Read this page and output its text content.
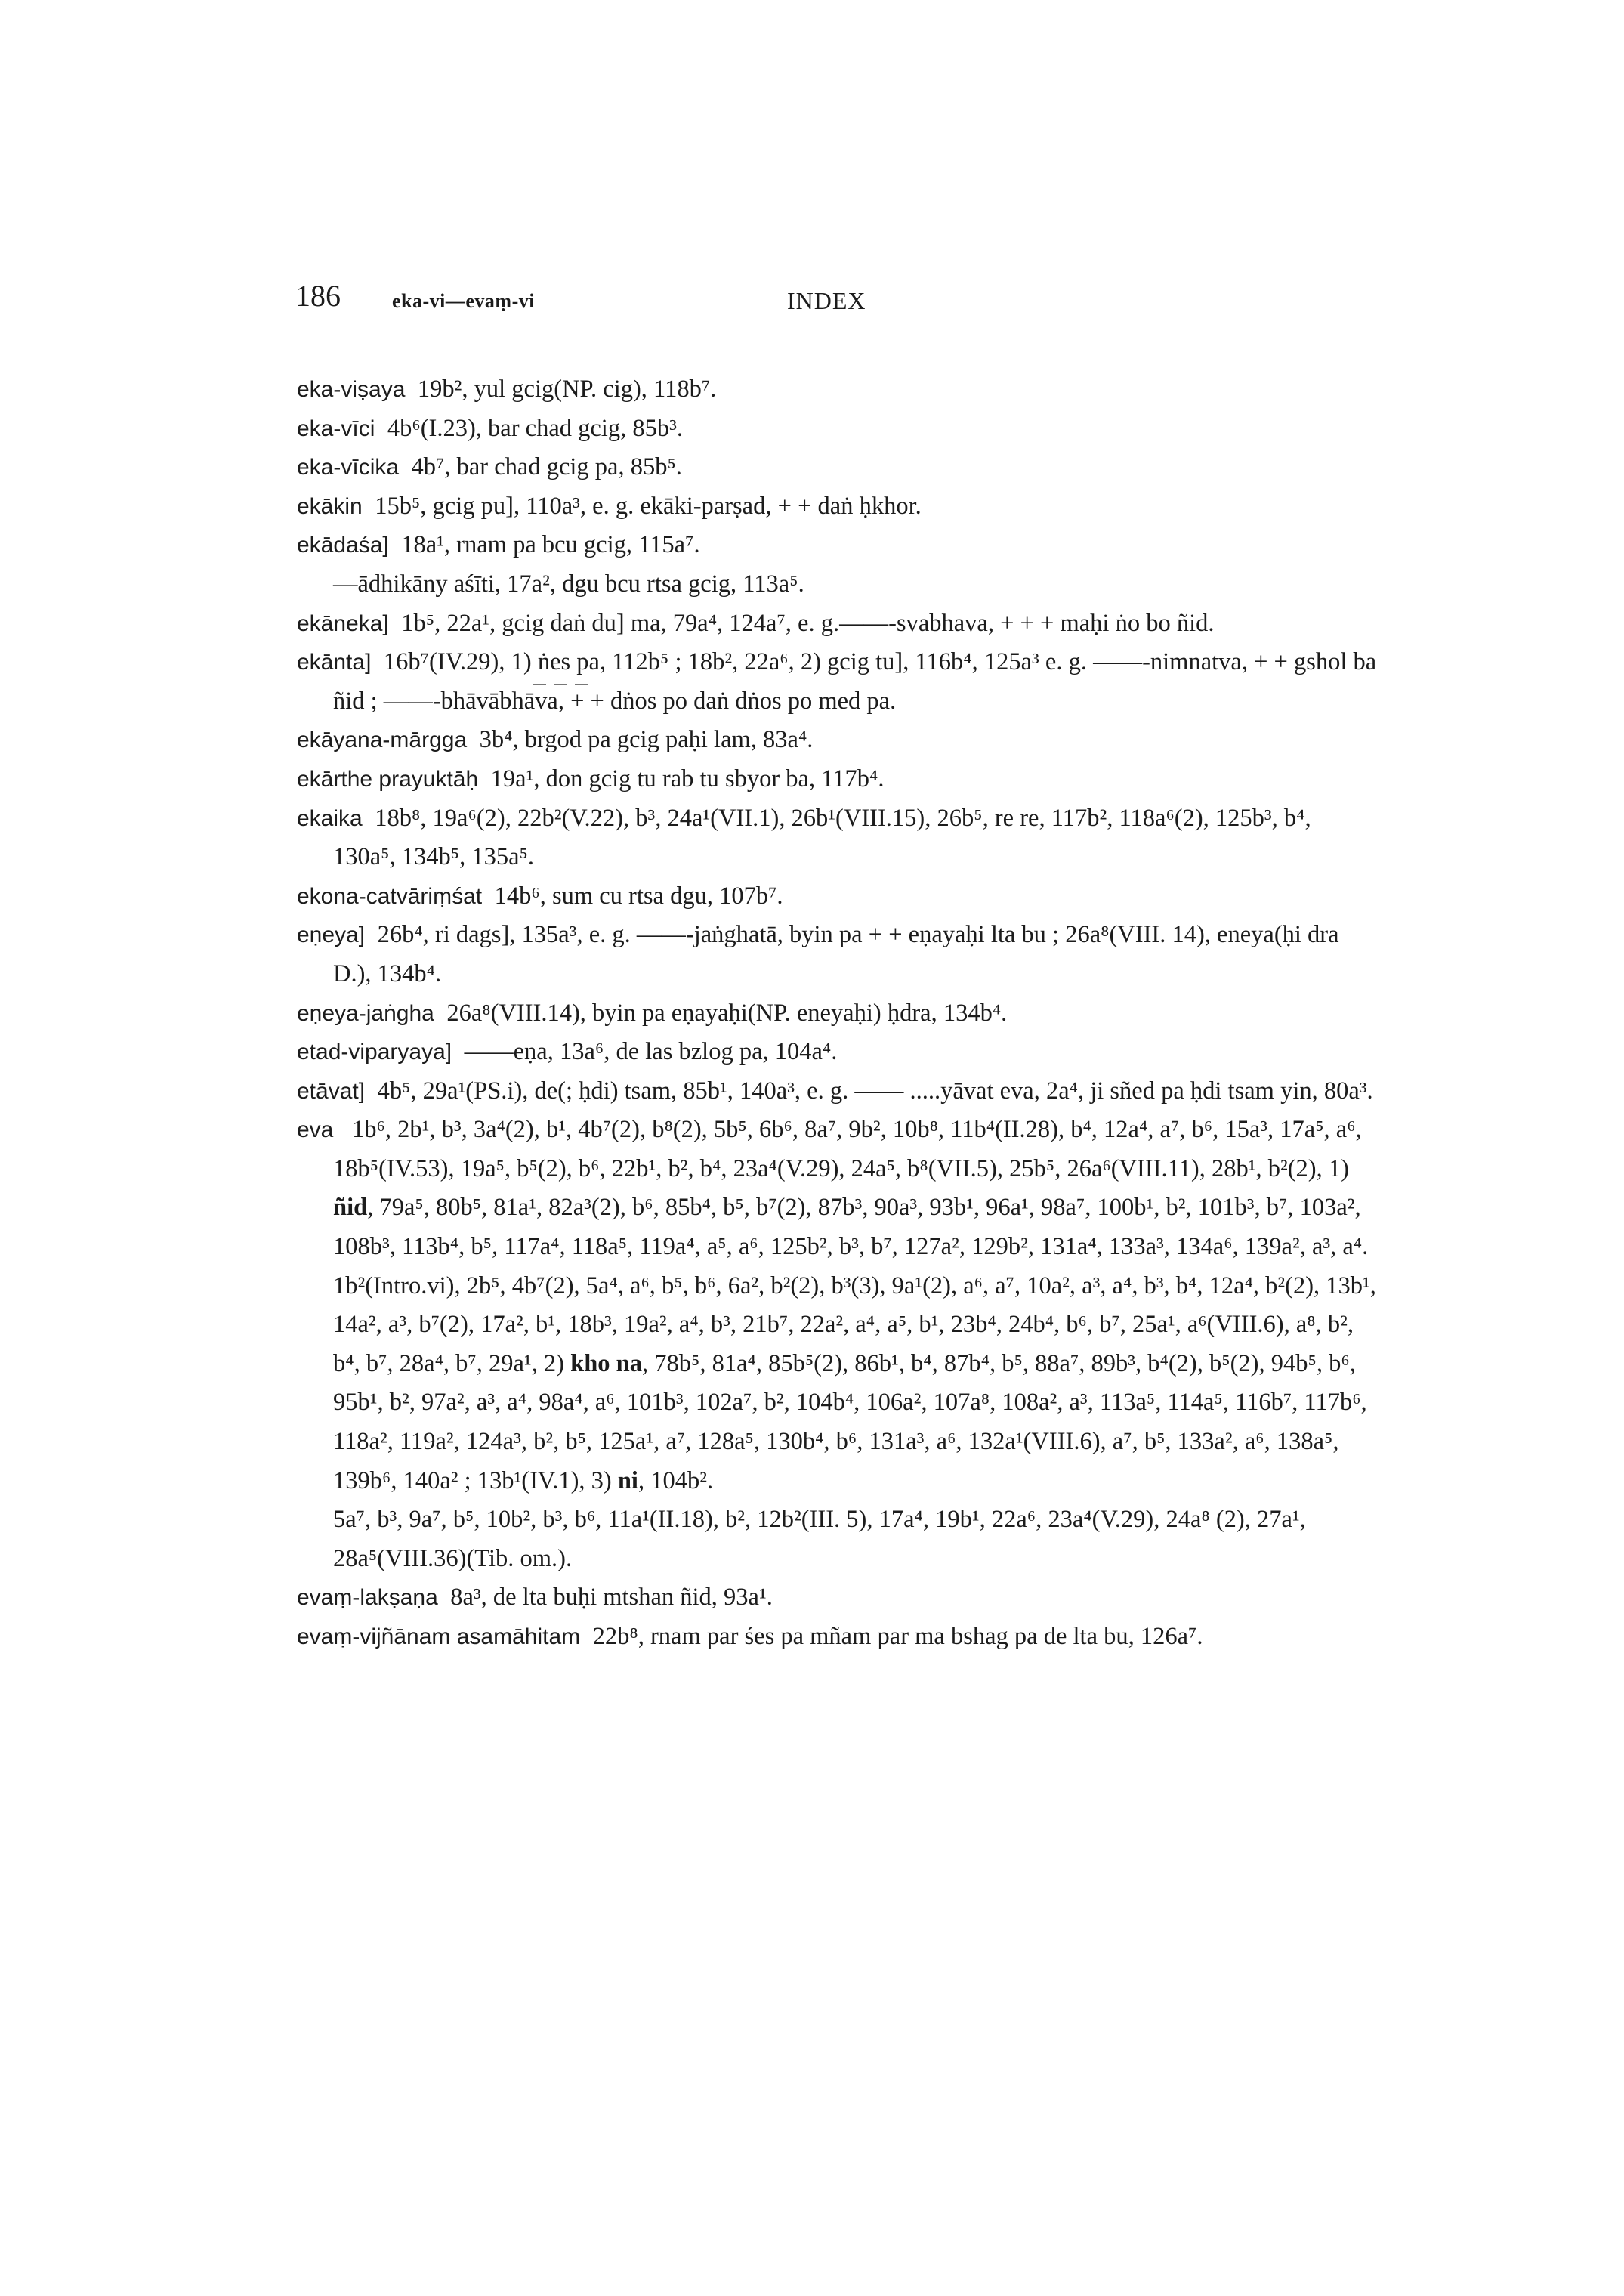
186	eka-vi—evaṃ-vi	INDEX

eka-viṣaya 19b², yul gcig(NP. cig), 118b⁷.

eka-vīci 4b⁶(I.23), bar chad gcig, 85b³.

eka-vīcika 4b⁷, bar chad gcig pa, 85b⁵.

ekākin 15b⁵, gcig pu], 110a³, e. g. ekāki-parṣad, + + daṅ ḥkhor.

ekādaśa] 18a¹, rnam pa bcu gcig, 115a⁷.

—ādhikāny aśīti, 17a², dgu bcu rtsa gcig, 113a⁵.

ekāneka] 1b⁵, 22a¹, gcig daṅ du] ma, 79a⁴, 124a⁷, e. g.——-svabhava, + + + maḥi ṅo bo ñid.

ekānta] 16b⁷(IV.29), 1) ṅes pa, 112b⁵ ; 18b², 22a⁶, 2) gcig tu], 116b⁴, 125a³ e. g. ——-nimnatva, + + gshol ba ñid ; ——-bhāvābhāva, + + dṅos po daṅ dṅos po med pa.

ekāyana-mārgga 3b⁴, brgod pa gcig paḥi lam, 83a⁴.

ekārthe prayuktāḥ 19a¹, don gcig tu rab tu sbyor ba, 117b⁴.

ekaika 18b⁸, 19a⁶(2), 22b²(V.22), b³, 24a¹(VII.1), 26b¹(VIII.15), 26b⁵, re re, 117b², 118a⁶(2), 125b³, b⁴, 130a⁵, 134b⁵, 135a⁵.

ekona-catvāriṃśat 14b⁶, sum cu rtsa dgu, 107b⁷.

eṇeya] 26b⁴, ri dags], 135a³, e. g. ——-jaṅghatā, byin pa + + eṇayaḥi lta bu ; 26a⁸(VIII. 14), eneya(ḥi dra D.), 134b⁴.

eṇeya-jaṅgha 26a⁸(VIII.14), byin pa eṇayaḥi(NP. eneyaḥi) ḥdra, 134b⁴.

etad-viparyaya] ——eṇa, 13a⁶, de las bzlog pa, 104a⁴.

etāvat] 4b⁵, 29a¹(PS.i), de(; ḥdi) tsam, 85b¹, 140a³, e. g. —— .....yāvat eva, 2a⁴, ji sñed pa ḥdi tsam yin, 80a³.

eva 1b⁶, 2b¹, b³, 3a⁴(2), b¹, 4b⁷(2), b⁸(2), 5b⁵, 6b⁶, 8a⁷, 9b², 10b⁸, 11b⁴(II.28), b⁴, 12a⁴, a⁷, b⁶, 15a³, 17a⁵, a⁶, 18b⁵(IV.53), 19a⁵, b⁵(2), b⁶, 22b¹, b², b⁴, 23a⁴(V.29), 24a⁵, b⁸(VII.5), 25b⁵, 26a⁶(VIII.11), 28b¹, b²(2), 1) ñid, 79a⁵, 80b⁵, 81a¹, 82a³(2), b⁶, 85b⁴, b⁵, b⁷(2), 87b³, 90a³, 93b¹, 96a¹, 98a⁷, 100b¹, b², 101b³, b⁷, 103a², 108b³, 113b⁴, b⁵, 117a⁴, 118a⁵, 119a⁴, a⁵, a⁶, 125b², b³, b⁷, 127a², 129b², 131a⁴, 133a³, 134a⁶, 139a², a³, a⁴.

1b²(Intro.vi), 2b⁵, 4b⁷(2), 5a⁴, a⁶, b⁵, b⁶, 6a², b²(2), b³(3), 9a¹(2), a⁶, a⁷, 10a², a³, a⁴, b³, b⁴, 12a⁴, b²(2), 13b¹, 14a², a³, b⁷(2), 17a², b¹, 18b³, 19a², a⁴, b³, 21b⁷, 22a², a⁴, a⁵, b¹, 23b⁴, 24b⁴, b⁶, b⁷, 25a¹, a⁶(VIII.6), a⁸, b², b⁴, b⁷, 28a⁴, b⁷, 29a¹, 2) kho na, 78b⁵, 81a⁴, 85b⁵(2), 86b¹, b⁴, 87b⁴, b⁵, 88a⁷, 89b³, b⁴(2), b⁵(2), 94b⁵, b⁶, 95b¹, b², 97a², a³, a⁴, 98a⁴, a⁶, 101b³, 102a⁷, b², 104b⁴, 106a², 107a⁸, 108a², a³, 113a⁵, 114a⁵, 116b⁷, 117b⁶, 118a², 119a², 124a³, b², b⁵, 125a¹, a⁷, 128a⁵, 130b⁴, b⁶, 131a³, a⁶, 132a¹(VIII.6), a⁷, b⁵, 133a², a⁶, 138a⁵, 139b⁶, 140a² ; 13b¹(IV.1), 3) ni, 104b².

5a⁷, b³, 9a⁷, b⁵, 10b², b³, b⁶, 11a¹(II.18), b², 12b²(III. 5), 17a⁴, 19b¹, 22a⁶, 23a⁴(V.29), 24a⁸ (2), 27a¹, 28a⁵(VIII.36)(Tib. om.).

evaṃ-lakṣaṇa 8a³, de lta buḥi mtshan ñid, 93a¹.

evaṃ-vijñānam asamāhitam 22b⁸, rnam par śes pa mñam par ma bshag pa de lta bu, 126a⁷.
